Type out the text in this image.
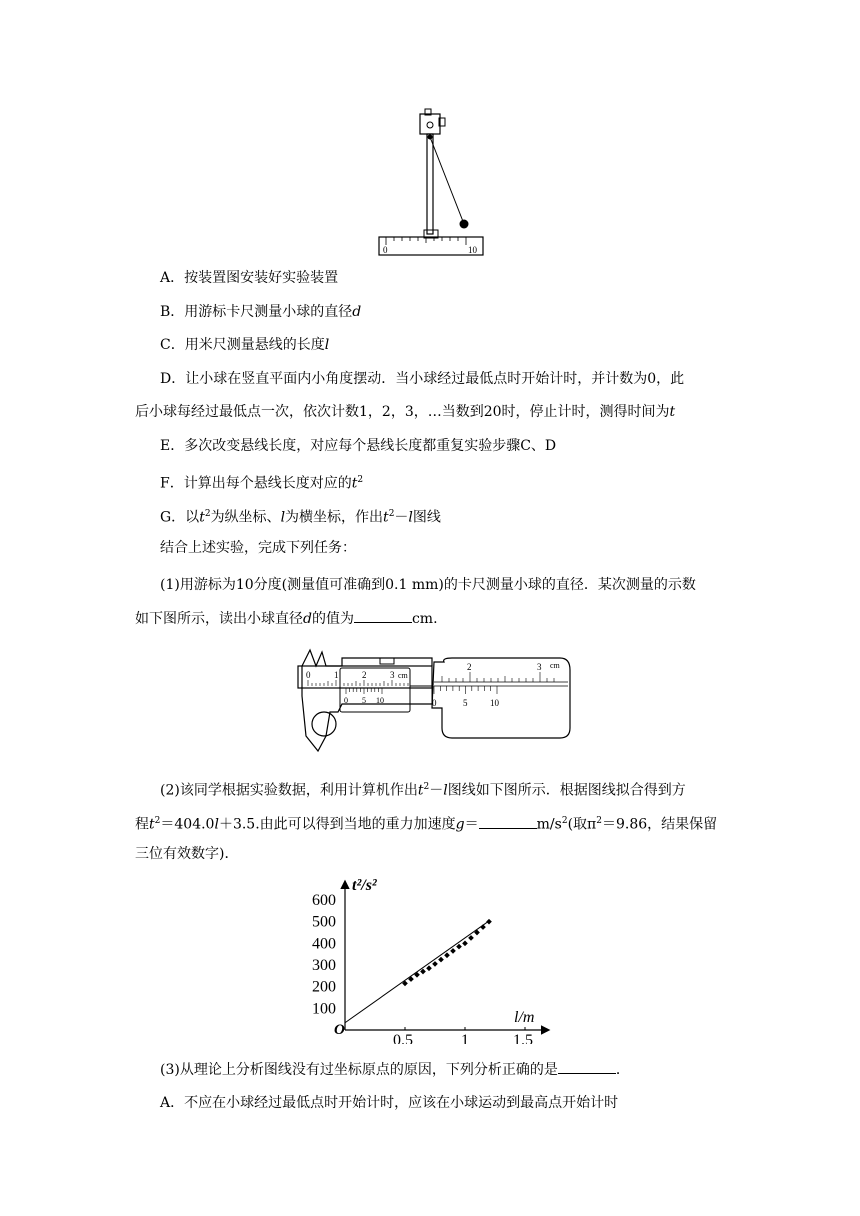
0	10
A．按装置图安装好实验装置
B．用游标卡尺测量小球的直径d
C．用米尺测量悬线的长度l
D．让小球在竖直平面内小角度摆动．当小球经过最低点时开始计时，并计数为0，此
后小球每经过最低点一次，依次计数1，2，3，…当数到20时，停止计时，测得时间为t
E．多次改变悬线长度，对应每个悬线长度都重复实验步骤C、D
F．计算出每个悬线长度对应的$t^2$
G．以$t^2$为纵坐标、l为横坐标，作出$t^2-l$图线
结合上述实验，完成下列任务：
(1)用游标为10分度(测量值可准确到0.1 mm)的卡尺测量小球的直径．某次测量的示数
如下图所示，读出小球直径d的值为	cm.
0	1	2	3 cm
0 5 10
2	3 cm
0	5	10
(2)该同学根据实验数据，利用计算机作出$t^2-l$图线如下图所示．根据图线拟合得到方
程$t^2=404.0l+3.5$.由此可以得到当地的重力加速度g＝	$m/s^2$(取$\pi^2=9.86$，结果保留
三位有效数字)．
100
200
300
400
500
600
0.5	1	1.5
t²/s²
l/m
O
(3)从理论上分析图线没有过坐标原点的原因，下列分析正确的是	．
A．不应在小球经过最低点时开始计时，应该在小球运动到最高点开始计时
